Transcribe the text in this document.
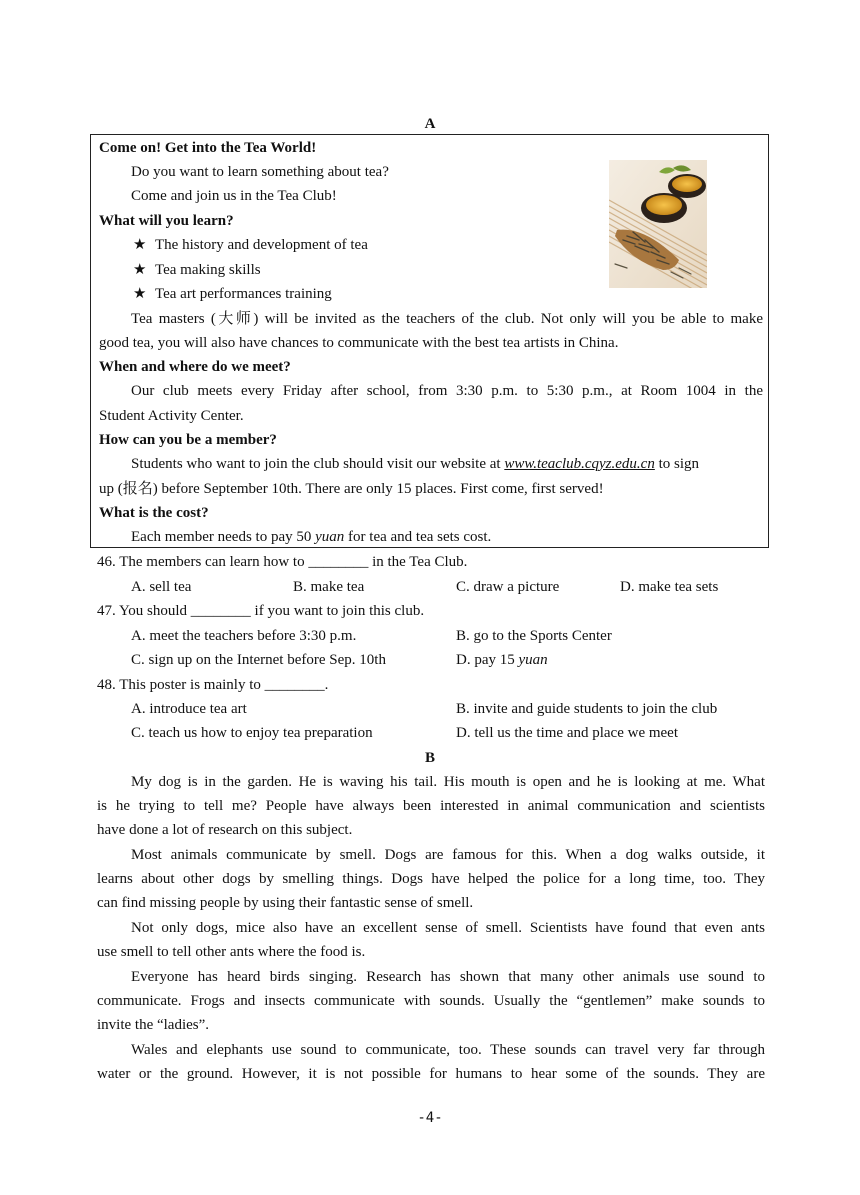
A
Come on! Get into the Tea World!
Do you want to learn something about tea?
Come and join us in the Tea Club!
What will you learn?
★ The history and development of tea
★ Tea making skills
★ Tea art performances training
Tea masters (大师) will be invited as the teachers of the club. Not only will you be able to make
good tea, you will also have chances to communicate with the best tea artists in China.
When and where do we meet?
Our club meets every Friday after school, from 3:30 p.m. to 5:30 p.m., at Room 1004 in the
Student Activity Center.
How can you be a member?
Students who want to join the club should visit our website at www.teaclub.cqyz.edu.cn to sign
up (报名) before September 10th. There are only 15 places. First come, first served!
What is the cost?
Each member needs to pay 50 yuan for tea and tea sets cost.
46. The members can learn how to ________ in the Tea Club.
A. sell tea	B. make tea	C. draw a picture	D. make tea sets
47. You should ________ if you want to join this club.
A. meet the teachers before 3:30 p.m.	B. go to the Sports Center
C. sign up on the Internet before Sep. 10th	D. pay 15 yuan
48. This poster is mainly to ________.
A. introduce tea art	B. invite and guide students to join the club
C. teach us how to enjoy tea preparation	D. tell us the time and place we meet
B
My dog is in the garden. He is waving his tail. His mouth is open and he is looking at me. What
is he trying to tell me? People have always been interested in animal communication and scientists
have done a lot of research on this subject.
Most animals communicate by smell. Dogs are famous for this. When a dog walks outside, it
learns about other dogs by smelling things. Dogs have helped the police for a long time, too. They
can find missing people by using their fantastic sense of smell.
Not only dogs, mice also have an excellent sense of smell. Scientists have found that even ants
use smell to tell other ants where the food is.
Everyone has heard birds singing. Research has shown that many other animals use sound to
communicate. Frogs and insects communicate with sounds. Usually the “gentlemen” make sounds to
invite the “ladies”.
Wales and elephants use sound to communicate, too. These sounds can travel very far through
water or the ground. However, it is not possible for humans to hear some of the sounds. They are
-4-
